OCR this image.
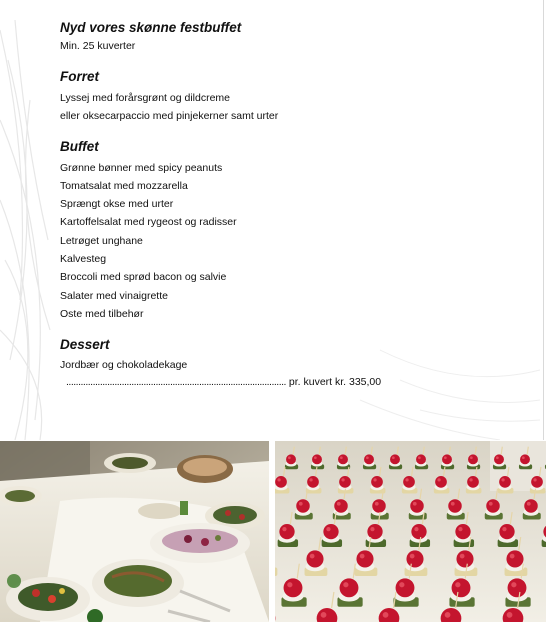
Nyd vores skønne festbuffet
Min. 25 kuverter
Forret
Lyssej med forårsgrønt og dildcreme
eller oksecarpaccio med pinjekerner samt urter
Buffet
Grønne bønner med spicy peanuts
Tomatsalat med mozzarella
Sprængt okse med urter
Kartoffelsalat med rygeost og radisser
Letrøget unghane
Kalvesteg
Broccoli med sprød bacon og salvie
Salater med vinaigrette
Oste med tilbehør
Dessert
Jordbær og chokoladekage
........................................................................................... pr. kuvert kr. 335,00
